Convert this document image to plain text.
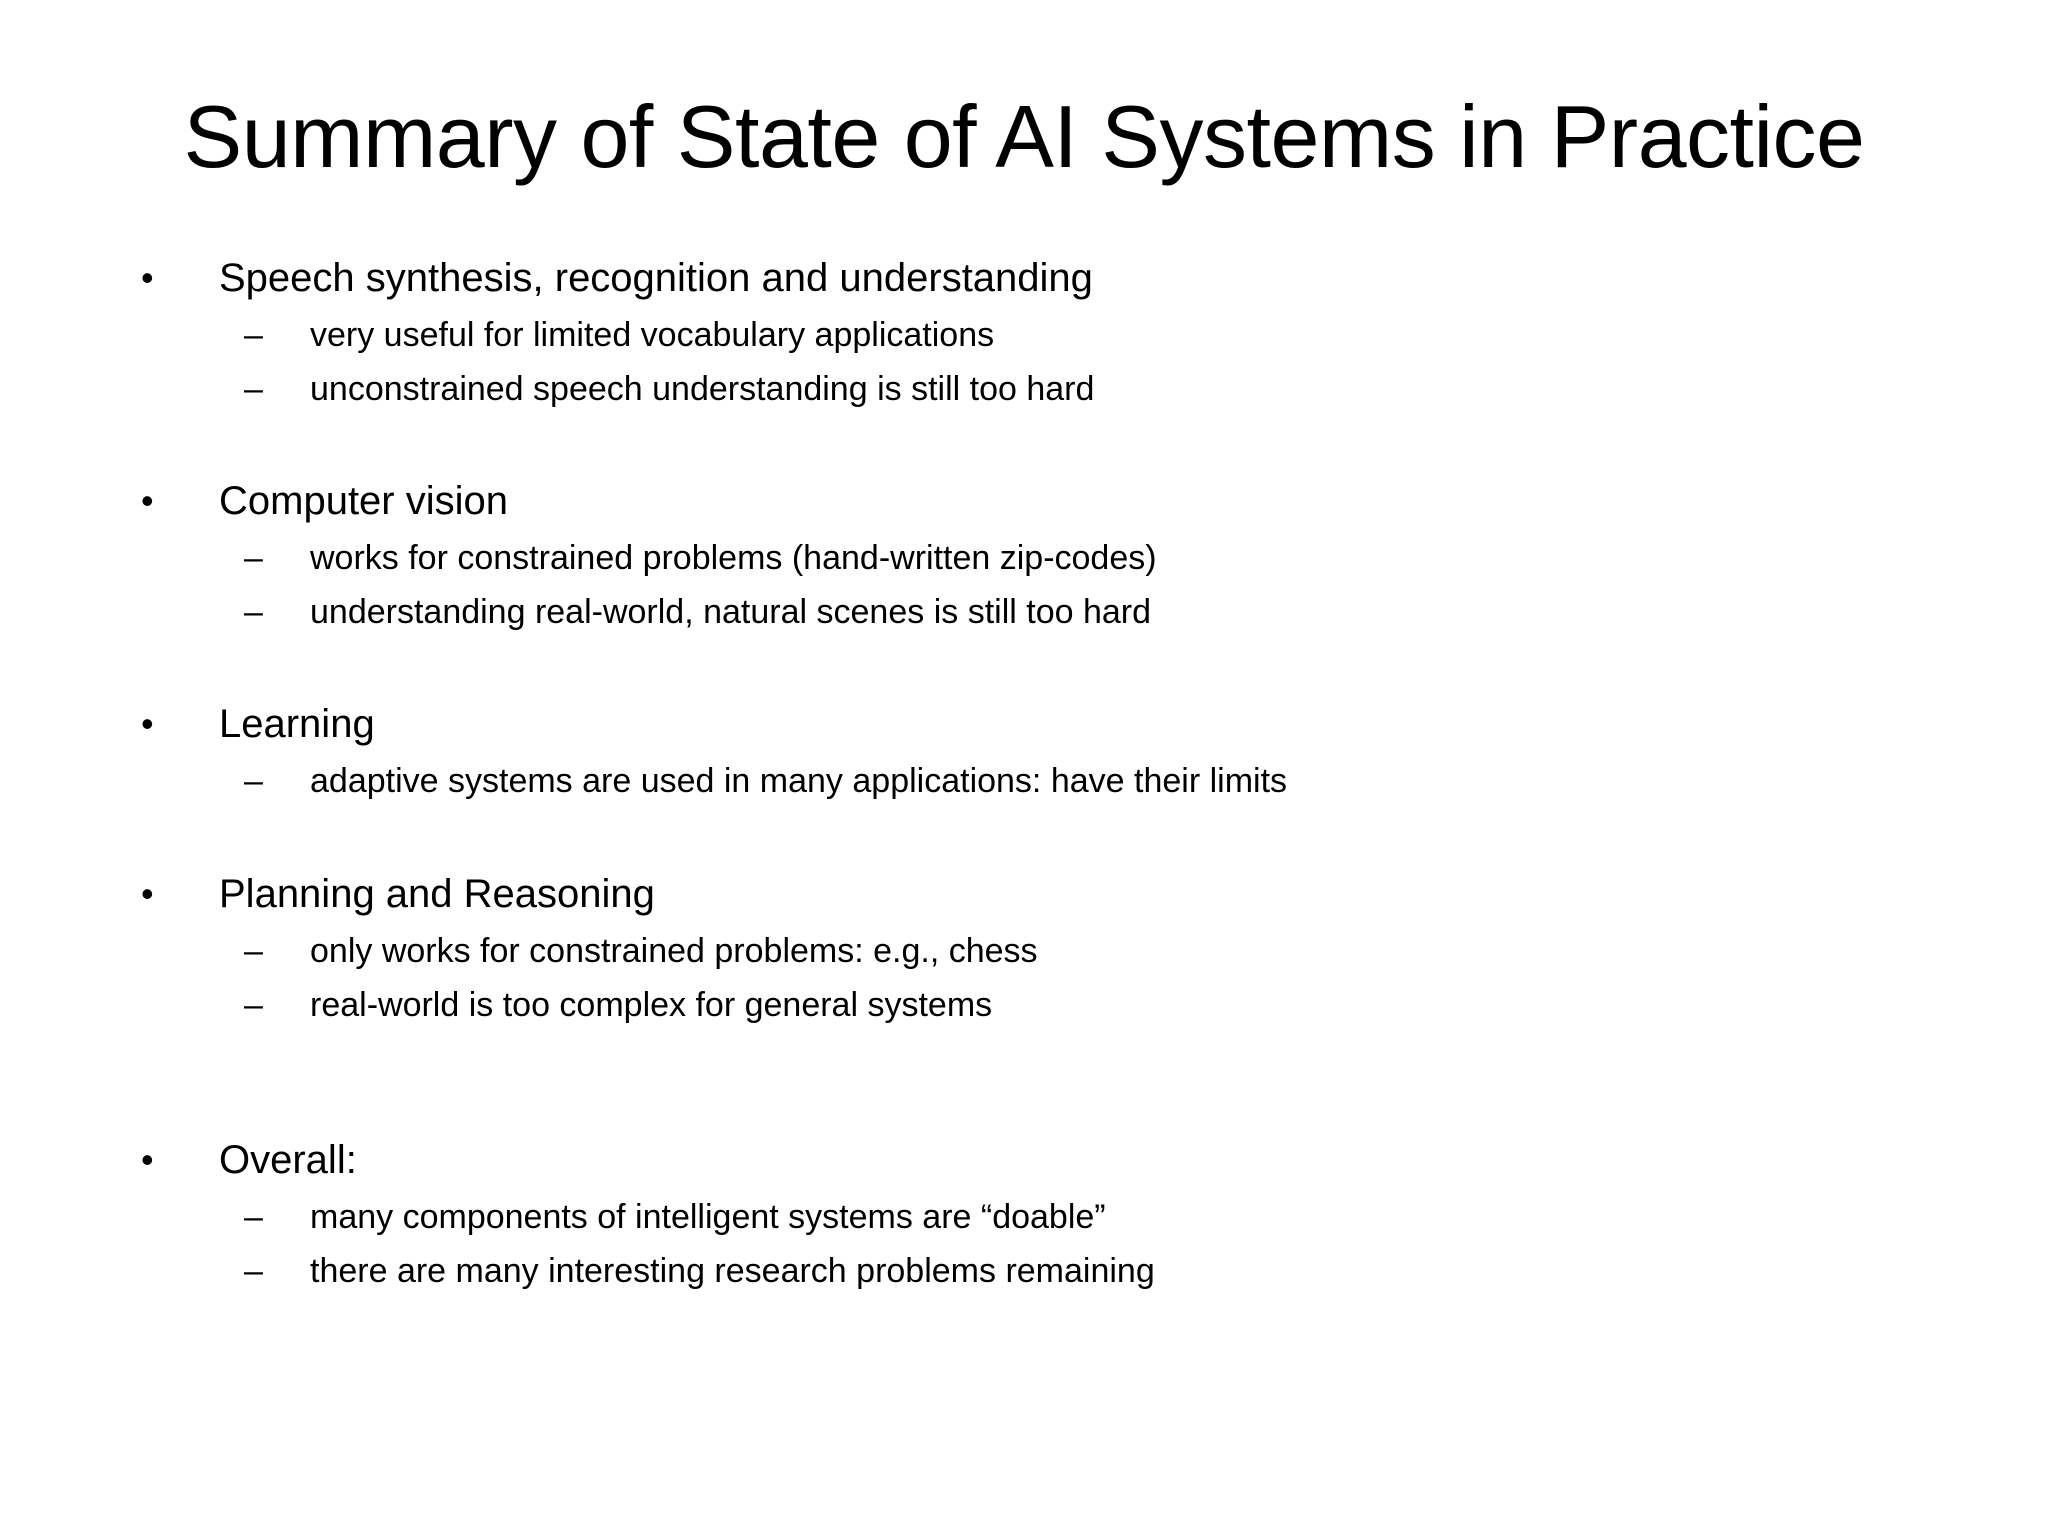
Summary of State of AI Systems in Practice
• Speech synthesis, recognition and understanding
– very useful for limited vocabulary applications
– unconstrained speech understanding is still too hard
• Computer vision
– works for constrained problems (hand-written zip-codes)
– understanding real-world, natural scenes is still too hard
• Learning
– adaptive systems are used in many applications: have their limits
• Planning and Reasoning
– only works for constrained problems: e.g., chess
– real-world is too complex for general systems
• Overall:
– many components of intelligent systems are “doable”
– there are many interesting research problems remaining
